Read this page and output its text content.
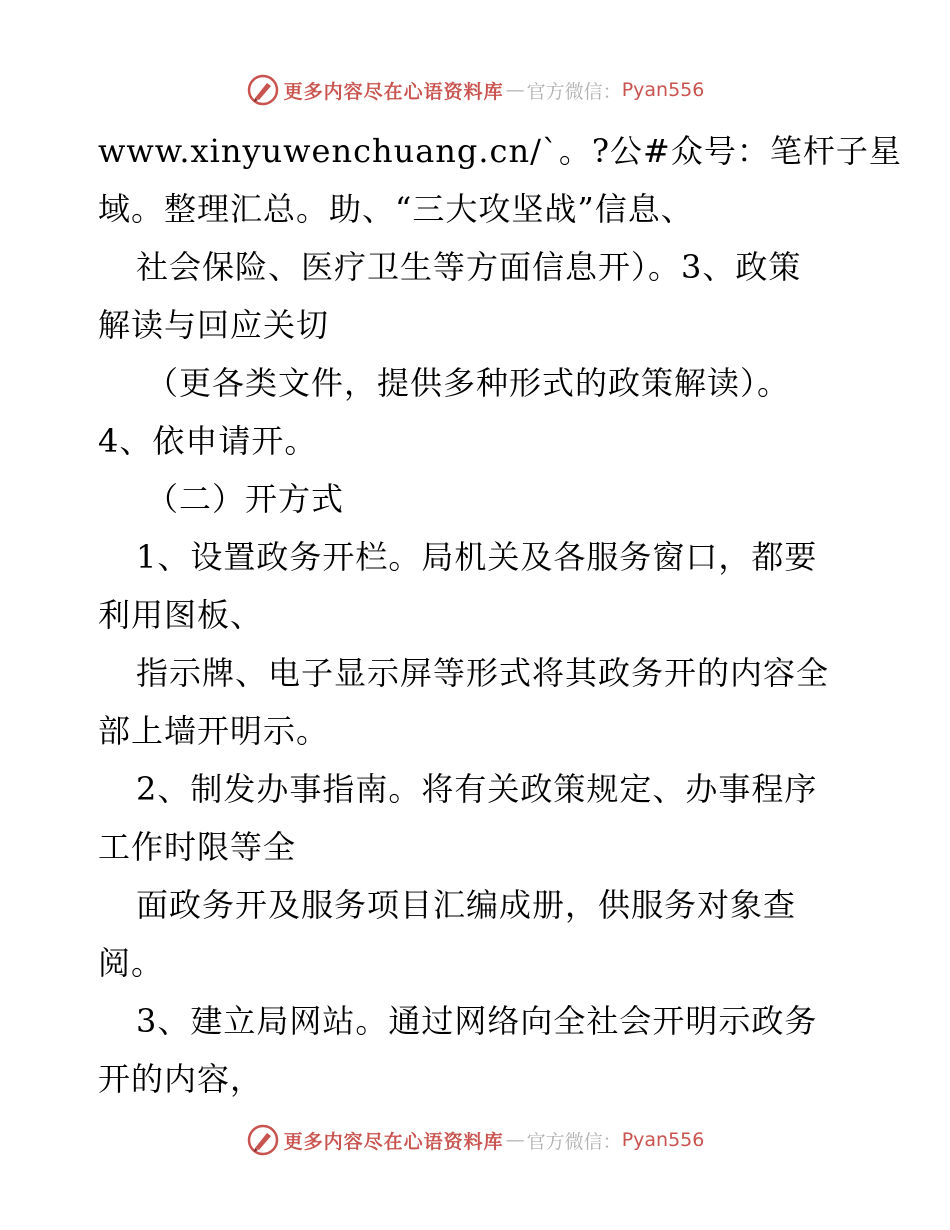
更多内容尽在心语资料库 — 官方微信： Pyan556
www.xinyuwenchuang.cn/`。?公#众号：笔杆子星
域。整理汇总。助、“三大攻坚战”信息、
社会保险、医疗卫生等方面信息开）。3、政策
解读与回应关切
（更各类文件，提供多种形式的政策解读）。
4、依申请开。
（二）开方式
1、设置政务开栏。局机关及各服务窗口，都要
利用图板、
指示牌、电子显示屏等形式将其政务开的内容全
部上墙开明示。
2、制发办事指南。将有关政策规定、办事程序
工作时限等全
面政务开及服务项目汇编成册，供服务对象查
阅。
3、建立局网站。通过网络向全社会开明示政务
开的内容，
更多内容尽在心语资料库 — 官方微信： Pyan556
